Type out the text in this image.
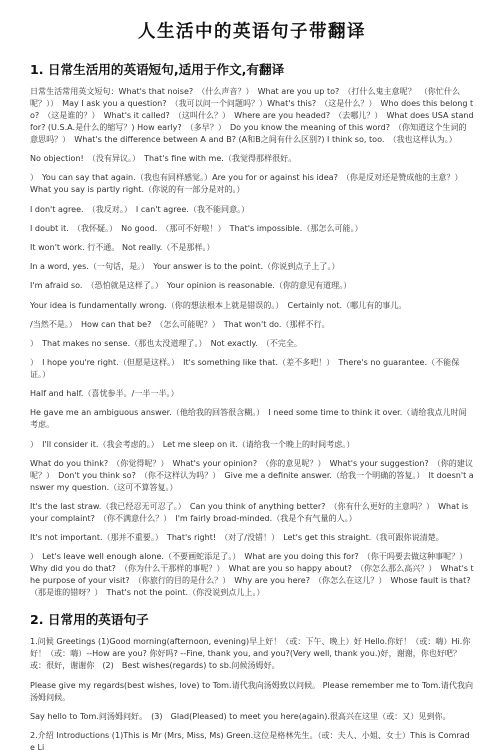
人生活中的英语句子带翻译
1. 日常生活用的英语短句,适用于作文,有翻译

日常生活常用英文短句：What's that noise?　（什么声音？）　What are you up to?　（打什么鬼主意呢？　（你忙什么呢？））　May I ask you a question?　（我可以问一个问题吗？）What's this?　（这是什么？）　Who does this belong to?　（这是谁的？）　What's it called?　（这叫什么？）　Where are you headed?　（去哪儿？）　What does USA stand for? (U.S.A.是什么的缩写？) How early?　（多早？）　Do you know the meaning of this word?　（你知道这个生词的意思吗？）　What's the difference between A and B? (A和B之间有什么区别?) I think so, too.　（我也这样认为。）

No objection!　（没有异议。）　That's fine with me.（我觉得那样很好。

）　You can say that again.（我也有同样感觉。）Are you for or against his idea?　（你是反对还是赞成他的主意？）　What you say is partly right.（你说的有一部分是对的。）

I don't agree.　（我反对。）　I can't agree.（我不能同意。）

I doubt it.　（我怀疑。）　No good.　（那可不好啦！）　That's impossible.（那怎么可能。）

It won't work. 行不通。 Not really.（不是那样。）

In a word, yes.（一句话，是。）　Your answer is to the point.（你说到点子上了。）

I'm afraid so.　（恐怕就是这样了。）　Your opinion is reasonable.（你的意见有道理。）

Your idea is fundamentally wrong.（你的想法根本上就是错误的。）　Certainly not.（哪儿有的事儿。

/当然不是。）　How can that be?　（怎么可能呢？）　That won't do.（那样不行。

）　That makes no sense.（那也太没道理了。）　Not exactly.　（不完全。

）　I hope you're right.（但愿是这样。）　It's something like that.（差不多吧！）　There's no guarantee.（不能保证。）

Half and half.（喜忧参半。/一半一半。）

He gave me an ambiguous answer.（他给我的回答很含糊。）　I need some time to think it over.（请给我点儿时间考虑。

）　I'll consider it.（我会考虑的。）　Let me sleep on it.（请给我一个晚上的时间考虑。）

What do you think?　（你觉得呢？）　What's your opinion?　（你的意见呢？）　What's your suggestion?　（你的建议呢？）　Don't you think so?　（你不这样认为吗？）　Give me a definite answer.（给我一个明确的答复。）　It doesn't answer my question.（这可不算答复。）

It's the last straw.（我已经忍无可忍了。）　Can you think of anything better?　（你有什么更好的主意吗？）　What is your complaint?　（你不满意什么？）　I'm fairly broad-minded.（我是个有气量的人。）

It's not important.（那并不重要。）　That's right!　（对了/没错！）　Let's get this straight.（我可跟你说清楚。

）　Let's leave well enough alone.（不要画蛇添足了。）　What are you doing this for?　（你干吗要去做这种事呢？）　Why did you do that?　（你为什么干那样的事呢？）　What are you so happy about?　（你怎么那么高兴？）　What's the purpose of your visit?　（你旅行的目的是什么？）　Why are you here?　（你怎么在这儿？）　Whose fault is that?　（那是谁的错呀？）　That's not the point.（你没说到点儿上。）

2. 日常用的英语句子

1.问候 Greetings (1)Good morning(afternoon, evening)早上好！（或：下午、晚上）好 Hello.你好！（或：嗨）Hi.你好！（或：嗨）--How are you? 你好吗? --Fine, thank you, and you?(Very well, thank you.)好，谢谢，你也好吧？或：很好，谢谢你　(2)　Best wishes(regards) to sb.问候汤姆好。

Please give my regards(best wishes, love) to Tom.请代我向汤姆致以问候。 Please remember me to Tom.请代我向汤姆问候。

Say hello to Tom.问汤姆问好。　(3)　Glad(Pleased) to meet you here(again).很高兴在这里（或：又）见到你。

2.介绍 Introductions (1)This is Mr (Mrs, Miss, Ms) Green.这位是格林先生。（或：夫人、小姐、女士）This is Comrade Li
